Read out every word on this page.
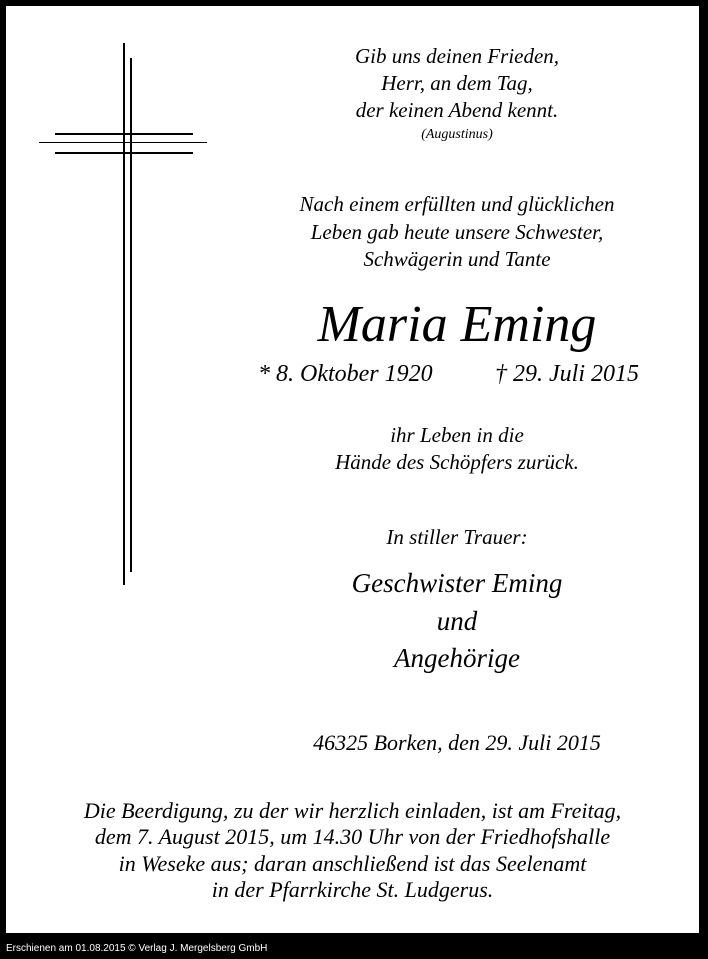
Gib uns deinen Frieden,

Herr, an dem Tag,

der keinen Abend kennt.

(Augustinus)

Nach einem erfüllten und glücklichen

Leben gab heute unsere Schwester,

Schwägerin und Tante

Maria Eming

* 8. Oktober 1920	† 29. Juli 2015

ihr Leben in die

Hände des Schöpfers zurück.

In stiller Trauer:

Geschwister Eming

und

Angehörige

46325 Borken, den 29. Juli 2015

Die Beerdigung, zu der wir herzlich einladen, ist am Freitag,

dem 7. August 2015, um 14.30 Uhr von der Friedhofshalle

in Weseke aus; daran anschließend ist das Seelenamt

in der Pfarrkirche St. Ludgerus.

Erschienen am 01.08.2015 © Verlag J. Mergelsberg GmbH
